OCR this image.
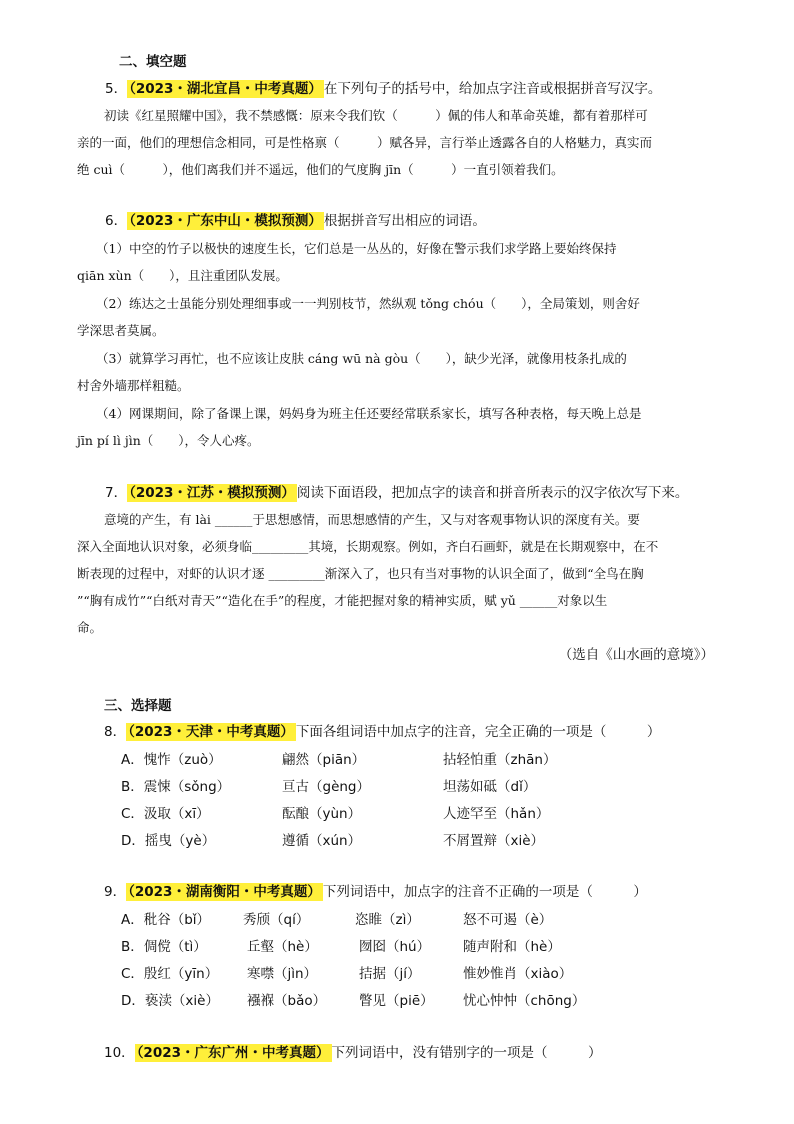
二、填空题
5． （2023・湖北宜昌・中考真题） 在下列句子的括号中，给加点字注音或根据拼音写汉字。
初读《红星照耀中国》，我不禁感慨：原来令我们钦（　　　）佩的伟人和革命英雄，都有着那样可
亲的一面，他们的理想信念相同，可是性格禀（　　　）赋各异，言行举止透露各自的人格魅力，真实而
绝 cuì（　　　），他们离我们并不遥远，他们的气度胸 jīn（　　　）一直引领着我们。
6． （2023・广东中山・模拟预测） 根据拼音写出相应的词语。
（1）中空的竹子以极快的速度生长，它们总是一丛丛的，好像在警示我们求学路上要始终保持
qiān xùn（　　），且注重团队发展。
（2）练达之士虽能分别处理细事或一一判别枝节，然纵观 tǒng chóu（　　），全局策划，则舍好
学深思者莫属。
（3）就算学习再忙，也不应该让皮肤 cáng wū nà gòu（　　），缺少光泽，就像用枝条扎成的
村舍外墙那样粗糙。
（4）网课期间，除了备课上课，妈妈身为班主任还要经常联系家长，填写各种表格，每天晚上总是
jīn pí lì jìn（　　），令人心疼。
7． （2023・江苏・模拟预测） 阅读下面语段，把加点字的读音和拼音所表示的汉字依次写下来。
意境的产生，有 lài ______于思想感情，而思想感情的产生，又与对客观事物认识的深度有关。要
深入全面地认识对象，必须身临_________其境，长期观察。例如，齐白石画虾，就是在长期观察中，在不
断表现的过程中，对虾的认识才逐 _________渐深入了，也只有当对事物的认识全面了，做到“全鸟在胸
”“胸有成竹”“白纸对青天”“造化在手”的程度，才能把握对象的精神实质，赋 yǔ ______对象以生
命。
（选自《山水画的意境》）
三、选择题
8． （2023・天津・中考真题） 下面各组词语中加点字的注音，完全正确的一项是（　　　）
A．愧怍（zuò）	翩然（piān）	拈轻怕重（zhān）
B．震悚（sǒng）	亘古（gèng）	坦荡如砥（dǐ）
C．汲取（xī）	酝酿（yùn）	人迹罕至（hǎn）
D．摇曳（yè）	遵循（xún）	不屑置辩（xiè）
9． （2023・湖南衡阳・中考真题） 下列词语中，加点字的注音不正确的一项是（　　　）
A．秕谷（bǐ） 秀颀（qí）	恣睢（zì）	怒不可遏（è）
B．倜傥（tì）	丘壑（hè）	囫囵（hú） 随声附和（hè）
C．殷红（yīn） 寒噤（jìn）	拮据（jí）	惟妙惟肖（xiào）
D．亵渎（xiè） 襁褓（bǎo） 瞥见（piē） 忧心忡忡（chōng）
10． （2023・广东广州・中考真题） 下列词语中，没有错别字的一项是（　　　）
